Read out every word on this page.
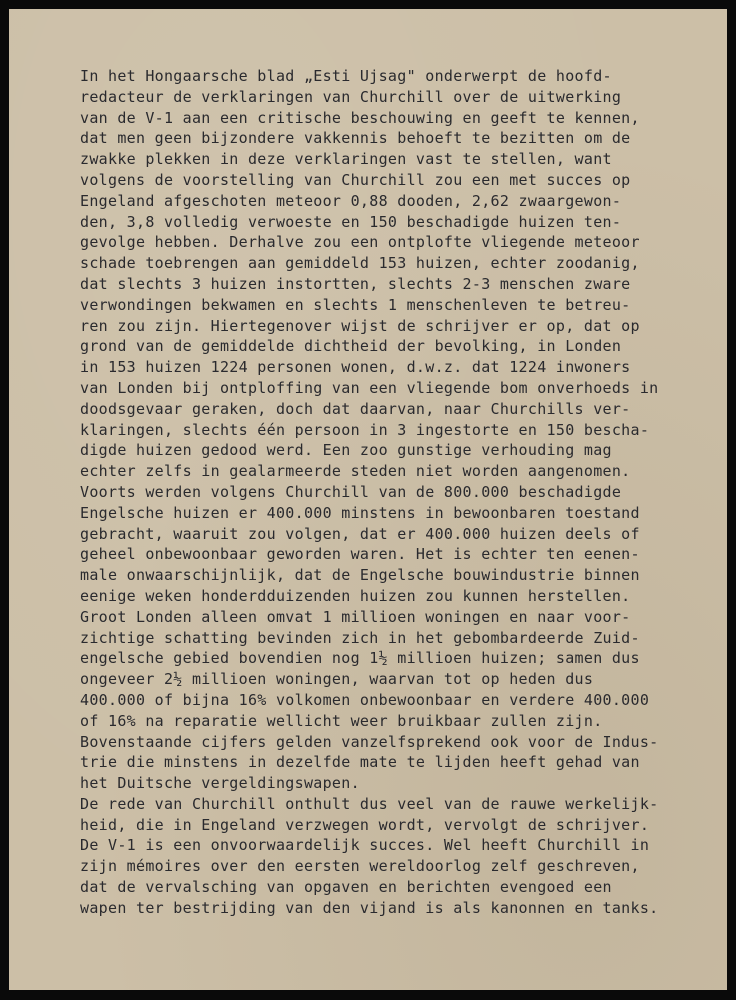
In het Hongaarsche blad „Esti Ujsag" onderwerpt de hoofd-
redacteur de verklaringen van Churchill over de uitwerking
van de V-1 aan een critische beschouwing en geeft te kennen,
dat men geen bijzondere vakkennis behoeft te bezitten om de
zwakke plekken in deze verklaringen vast te stellen, want
volgens de voorstelling van Churchill zou een met succes op
Engeland afgeschoten meteoor 0,88 dooden, 2,62 zwaargewon-
den, 3,8 volledig verwoeste en 150 beschadigde huizen ten-
gevolge hebben. Derhalve zou een ontplofte vliegende meteoor
schade toebrengen aan gemiddeld 153 huizen, echter zoodanig,
dat slechts 3 huizen instortten, slechts 2-3 menschen zware
verwondingen bekwamen en slechts 1 menschenleven te betreu-
ren zou zijn. Hiertegenover wijst de schrijver er op, dat op
grond van de gemiddelde dichtheid der bevolking, in Londen
in 153 huizen 1224 personen wonen, d.w.z. dat 1224 inwoners
van Londen bij ontploffing van een vliegende bom onverhoeds in
doodsgevaar geraken, doch dat daarvan, naar Churchills ver-
klaringen, slechts één persoon in 3 ingestorte en 150 bescha-
digde huizen gedood werd. Een zoo gunstige verhouding mag
echter zelfs in gealarmeerde steden niet worden aangenomen.
Voorts werden volgens Churchill van de 800.000 beschadigde
Engelsche huizen er 400.000 minstens in bewoonbaren toestand
gebracht, waaruit zou volgen, dat er 400.000 huizen deels of
geheel onbewoonbaar geworden waren. Het is echter ten eenen-
male onwaarschijnlijk, dat de Engelsche bouwindustrie binnen
eenige weken honderdduizenden huizen zou kunnen herstellen.
Groot Londen alleen omvat 1 millioen woningen en naar voor-
zichtige schatting bevinden zich in het gebombardeerde Zuid-
engelsche gebied bovendien nog 1½ millioen huizen; samen dus
ongeveer 2½ millioen woningen, waarvan tot op heden dus
400.000 of bijna 16% volkomen onbewoonbaar en verdere 400.000
of 16% na reparatie wellicht weer bruikbaar zullen zijn.
Bovenstaande cijfers gelden vanzelfsprekend ook voor de Indus-
trie die minstens in dezelfde mate te lijden heeft gehad van
het Duitsche vergeldingswapen.
De rede van Churchill onthult dus veel van de rauwe werkelijk-
heid, die in Engeland verzwegen wordt, vervolgt de schrijver.
De V-1 is een onvoorwaardelijk succes. Wel heeft Churchill in
zijn mémoires over den eersten wereldoorlog zelf geschreven,
dat de vervalsching van opgaven en berichten evengoed een
wapen ter bestrijding van den vijand is als kanonnen en tanks.
